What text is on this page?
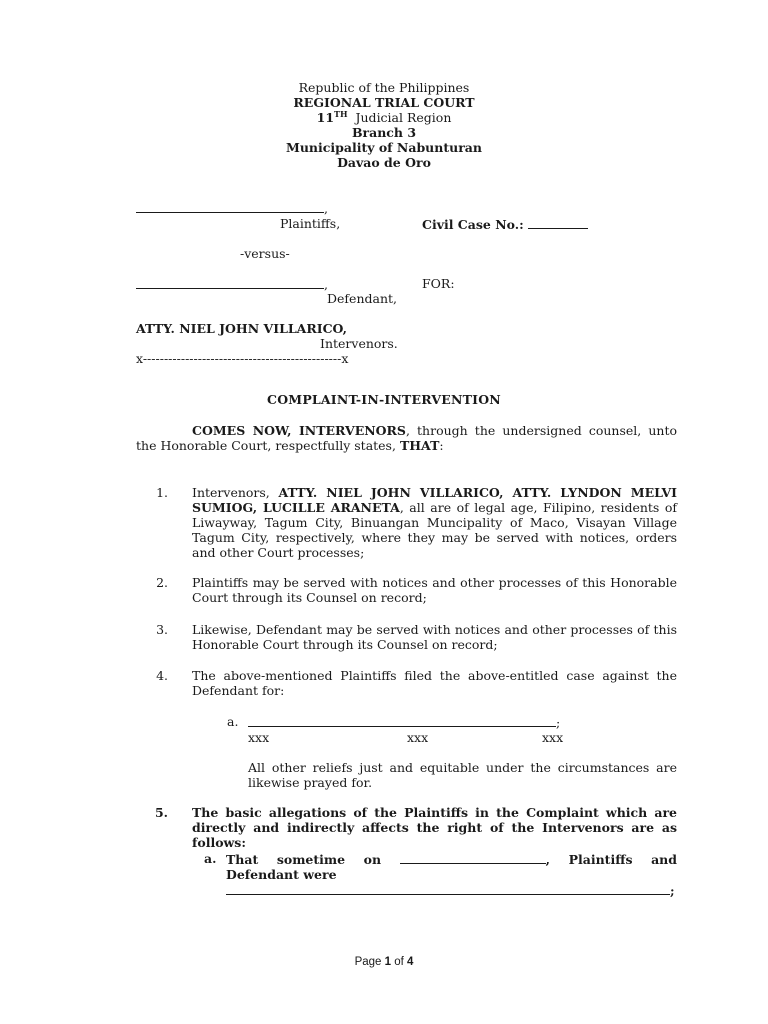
Republic of the Philippines
REGIONAL TRIAL COURT
11TH Judicial Region
Branch 3
Municipality of Nabunturan
Davao de Oro
,
Plaintiffs,	Civil Case No.:
-versus-
,	FOR:
Defendant,
ATTY. NIEL JOHN VILLARICO,
Intervenors.
x-----------------------------------------------x
COMPLAINT-IN-INTERVENTION
COMES NOW, INTERVENORS, through the undersigned counsel, unto the Honorable Court, respectfully states, THAT:
1. Intervenors, ATTY. NIEL JOHN VILLARICO, ATTY. LYNDON MELVI SUMIOG, LUCILLE ARANETA, all are of legal age, Filipino, residents of Liwayway, Tagum City, Binuangan Muncipality of Maco, Visayan Village Tagum City, respectively, where they may be served with notices, orders and other Court processes;
2. Plaintiffs may be served with notices and other processes of this Honorable Court through its Counsel on record;
3. Likewise, Defendant may be served with notices and other processes of this Honorable Court through its Counsel on record;
4. The above-mentioned Plaintiffs filed the above-entitled case against the Defendant for:
a.	;
xxx	xxx	xxx
All other reliefs just and equitable under the circumstances are likewise prayed for.
5. The basic allegations of the Plaintiffs in the Complaint which are directly and indirectly affects the right of the Intervenors are as follows:
a. That sometime on	, Plaintiffs and Defendant were
;
Page 1 of 4
